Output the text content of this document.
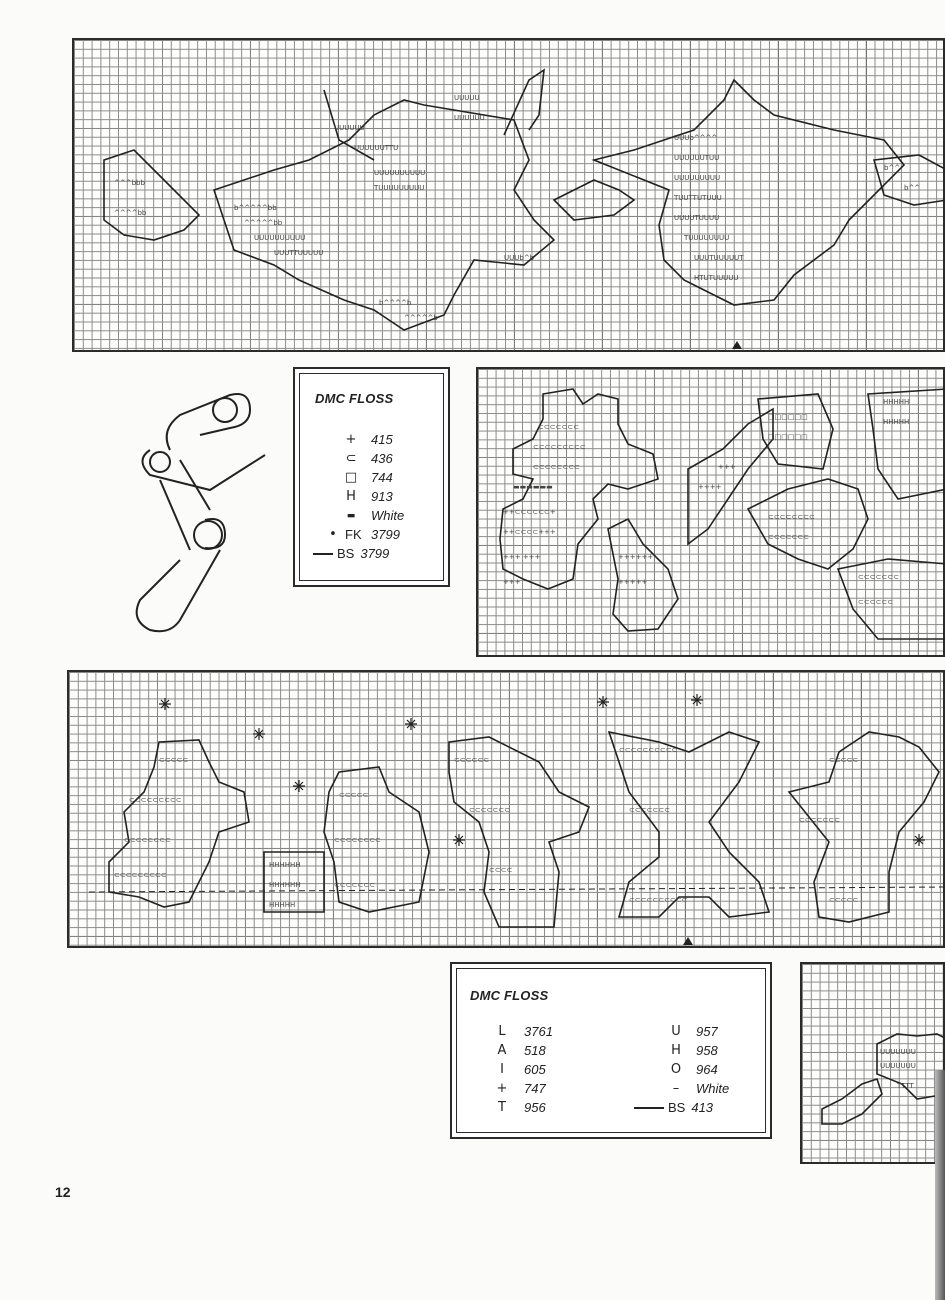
^^^bbb
^^^^bb
b^^^^^bb
^^^^^bb
UUUUUUUUUU
UUUTTUUUUU
UUUUUU
UUUUUUTTU
UUUUUUUUUU
TUUUUUUUUU
UUUUU
UUUUUU
UUUb^b
b^^^^b
^^^^^b
UUUb^^^^
UUUUUUTUU
UUUUUUUUU
TUUTTUTUUU
UUUUTUUUU
TUUUUUUUU
UUUTUUUUUT
HTUTUUUUU
b^^
b^^
DMC FLOSS
+	415
⊂	436
□ 744
H	913
▬	White
• FK 3799
BS 3799
⊂⊂⊂⊂⊂⊂⊂
⊂⊂⊂⊂⊂⊂⊂⊂⊂
⊂⊂⊂⊂⊂⊂⊂⊂
▬▬▬▬▬▬
++⊂⊂⊂⊂⊂⊂+
++⊂⊂⊂⊂+++
+++ +++
+++
++++++
+++++
++++
+++
□□□□□□
□□□□□□
⊂⊂⊂⊂⊂⊂⊂⊂
⊂⊂⊂⊂⊂⊂⊂
HHHHH
HHHHH
⊂⊂⊂⊂⊂⊂⊂
⊂⊂⊂⊂⊂⊂
⊂⊂⊂⊂⊂
⊂⊂⊂⊂⊂⊂⊂⊂⊂
⊂⊂⊂⊂⊂⊂⊂⊂
⊂⊂⊂⊂⊂⊂⊂⊂⊂
HHHHHH
HHHHHH
HHHHH
⊂⊂⊂⊂⊂
⊂⊂⊂⊂⊂⊂⊂⊂
⊂⊂⊂⊂⊂⊂⊂
⊂⊂⊂⊂⊂⊂
⊂⊂⊂⊂⊂⊂⊂
⊂⊂⊂⊂
⊂⊂⊂⊂⊂⊂⊂⊂⊂⊂
⊂⊂⊂⊂⊂⊂⊂
⊂⊂⊂⊂⊂⊂⊂⊂⊂⊂
⊂⊂⊂⊂⊂
⊂⊂⊂⊂⊂⊂⊂
⊂⊂⊂⊂⊂
DMC FLOSS
L	3761
A	518
I	605
+	747
T	956
U	957
H	958
O	964
–	White
BS 413
UUUUUUU
UUUUUUU
TTTT
12
